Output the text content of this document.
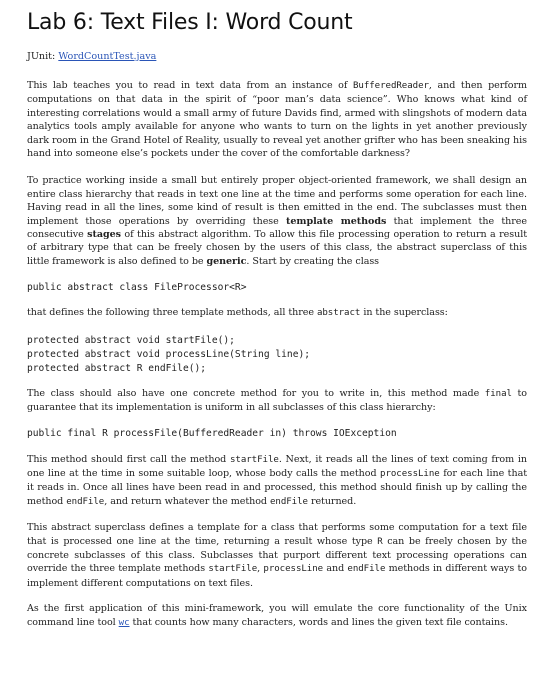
Lab 6: Text Files I: Word Count
JUnit: WordCountTest.java

This lab teaches you to read in text data from an instance of BufferedReader, and then perform computations on that data in the spirit of “poor man’s data science”. Who knows what kind of interesting correlations would a small army of future Davids find, armed with slingshots of modern data analytics tools amply available for anyone who wants to turn on the lights in yet another previously dark room in the Grand Hotel of Reality, usually to reveal yet another grifter who has been sneaking his hand into someone else’s pockets under the cover of the comfortable darkness?

To practice working inside a small but entirely proper object-oriented framework, we shall design an entire class hierarchy that reads in text one line at the time and performs some operation for each line. Having read in all the lines, some kind of result is then emitted in the end. The subclasses must then implement those operations by overriding these template methods that implement the three consecutive stages of this abstract algorithm. To allow this file processing operation to return a result of arbitrary type that can be freely chosen by the users of this class, the abstract superclass of this little framework is also defined to be generic. Start by creating the class

public abstract class FileProcessor<R>

that defines the following three template methods, all three abstract in the superclass:

protected abstract void startFile();
protected abstract void processLine(String line);
protected abstract R endFile();

The class should also have one concrete method for you to write in, this method made final to guarantee that its implementation is uniform in all subclasses of this class hierarchy:

public final R processFile(BufferedReader in) throws IOException

This method should first call the method startFile. Next, it reads all the lines of text coming from in one line at the time in some suitable loop, whose body calls the method processLine for each line that it reads in. Once all lines have been read in and processed, this method should finish up by calling the method endFile, and return whatever the method endFile returned.

This abstract superclass defines a template for a class that performs some computation for a text file that is processed one line at the time, returning a result whose type R can be freely chosen by the concrete subclasses of this class. Subclasses that purport different text processing operations can override the three template methods startFile, processLine and endFile methods in different ways to implement different computations on text files.

As the first application of this mini-framework, you will emulate the core functionality of the Unix command line tool wc that counts how many characters, words and lines the given text file contains.
